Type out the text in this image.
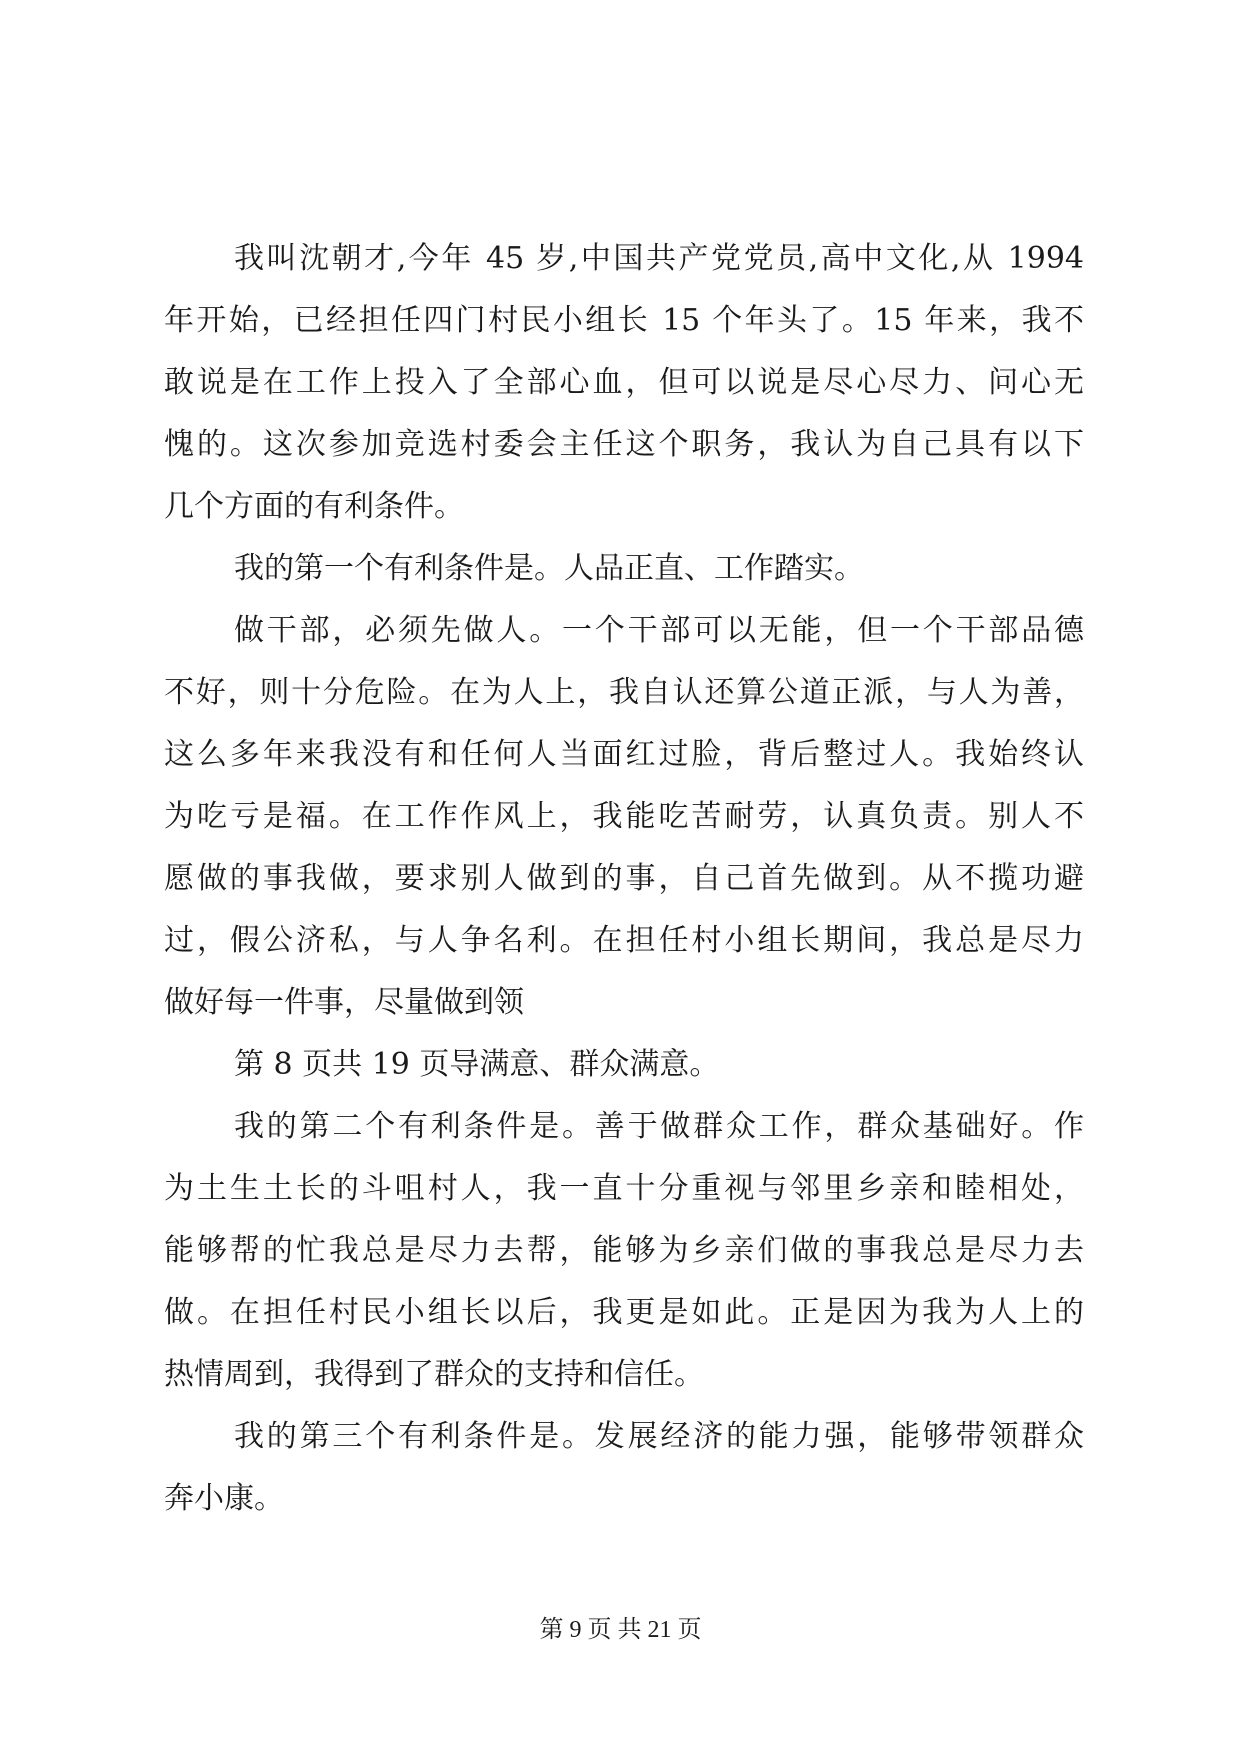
我叫沈朝才,今年 45 岁,中国共产党党员,高中文化,从 1994
年开始，已经担任四门村民小组长 15 个年头了。15 年来，我不
敢说是在工作上投入了全部心血，但可以说是尽心尽力、问心无
愧的。这次参加竞选村委会主任这个职务，我认为自己具有以下
几个方面的有利条件。
我的第一个有利条件是。人品正直、工作踏实。
做干部，必须先做人。一个干部可以无能，但一个干部品德
不好，则十分危险。在为人上，我自认还算公道正派，与人为善，
这么多年来我没有和任何人当面红过脸，背后整过人。我始终认
为吃亏是福。在工作作风上，我能吃苦耐劳，认真负责。别人不
愿做的事我做，要求别人做到的事，自己首先做到。从不揽功避
过，假公济私，与人争名利。在担任村小组长期间，我总是尽力
做好每一件事，尽量做到领
第 8 页共 19 页导满意、群众满意。
我的第二个有利条件是。善于做群众工作，群众基础好。作
为土生土长的斗咀村人，我一直十分重视与邻里乡亲和睦相处，
能够帮的忙我总是尽力去帮，能够为乡亲们做的事我总是尽力去
做。在担任村民小组长以后，我更是如此。正是因为我为人上的
热情周到，我得到了群众的支持和信任。
我的第三个有利条件是。发展经济的能力强，能够带领群众
奔小康。
第 9 页 共 21 页
